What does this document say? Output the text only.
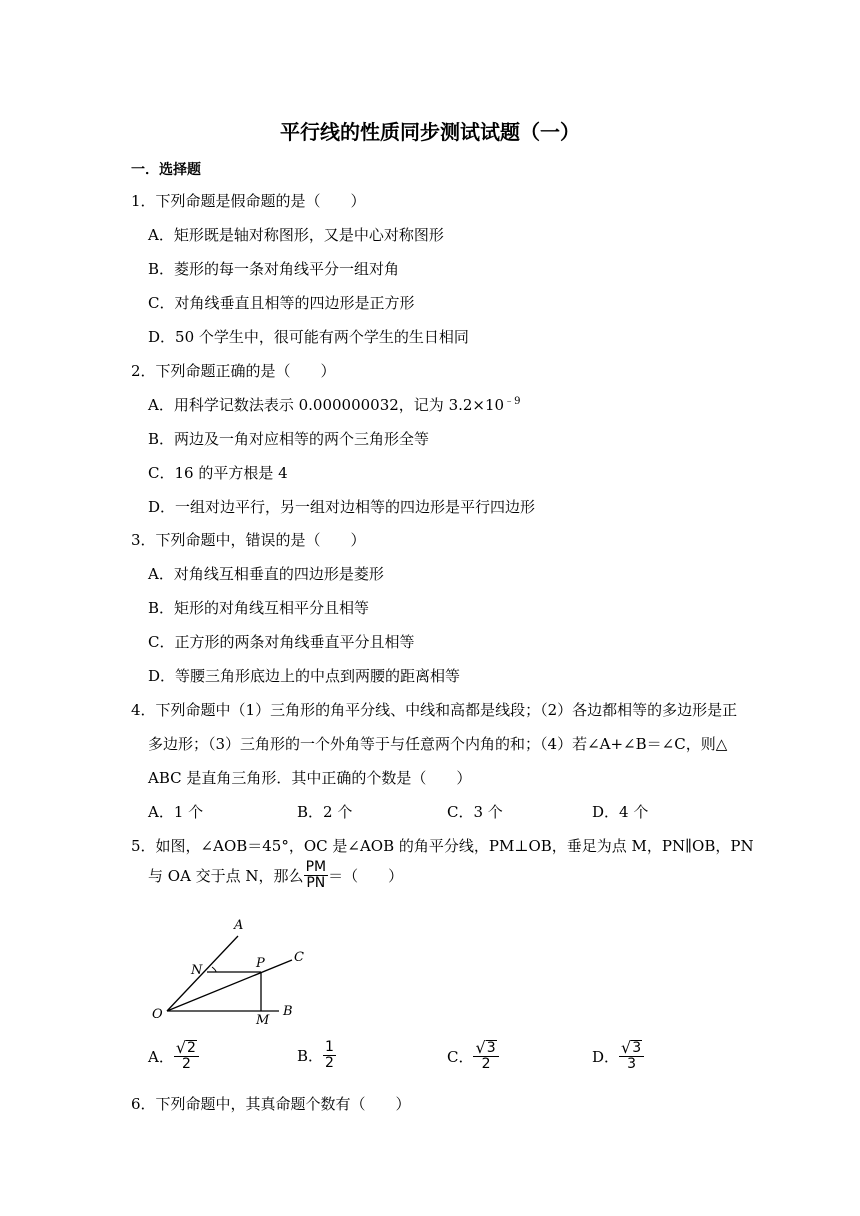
平行线的性质同步测试试题（一）
一．选择题
1．下列命题是假命题的是（　　）
A．矩形既是轴对称图形，又是中心对称图形
B．菱形的每一条对角线平分一组对角
C．对角线垂直且相等的四边形是正方形
D．50 个学生中，很可能有两个学生的生日相同
2．下列命题正确的是（　　）
A．用科学记数法表示 0.000000032，记为 $3.2\times 10^{﹣9}$
B．两边及一角对应相等的两个三角形全等
C．16 的平方根是 4
D．一组对边平行，另一组对边相等的四边形是平行四边形
3．下列命题中，错误的是（　　）
A．对角线互相垂直的四边形是菱形
B．矩形的对角线互相平分且相等
C．正方形的两条对角线垂直平分且相等
D．等腰三角形底边上的中点到两腰的距离相等
4．下列命题中（1）三角形的角平分线、中线和高都是线段；（2）各边都相等的多边形是正
多边形；（3）三角形的一个外角等于与任意两个内角的和；（4）若∠A+∠B＝∠C，则△
ABC 是直角三角形．其中正确的个数是（　　）
A．1 个	B．2 个	C．3 个	D．4 个
5．如图，∠AOB＝45°，OC 是∠AOB 的角平分线，PM⊥OB，垂足为点 M，PN∥OB，PN
与 OA 交于点 N，那么 $\frac{PM}{PN}$ ＝（　　）
A
C
N	P
O	M
B
A． $\frac{√ 2}{2}$	B． $\frac{1}{2}$	C． $\frac{√ 3}{2}$	D． $\frac{√ 3}{3}$
6．下列命题中，其真命题个数有（　　）
